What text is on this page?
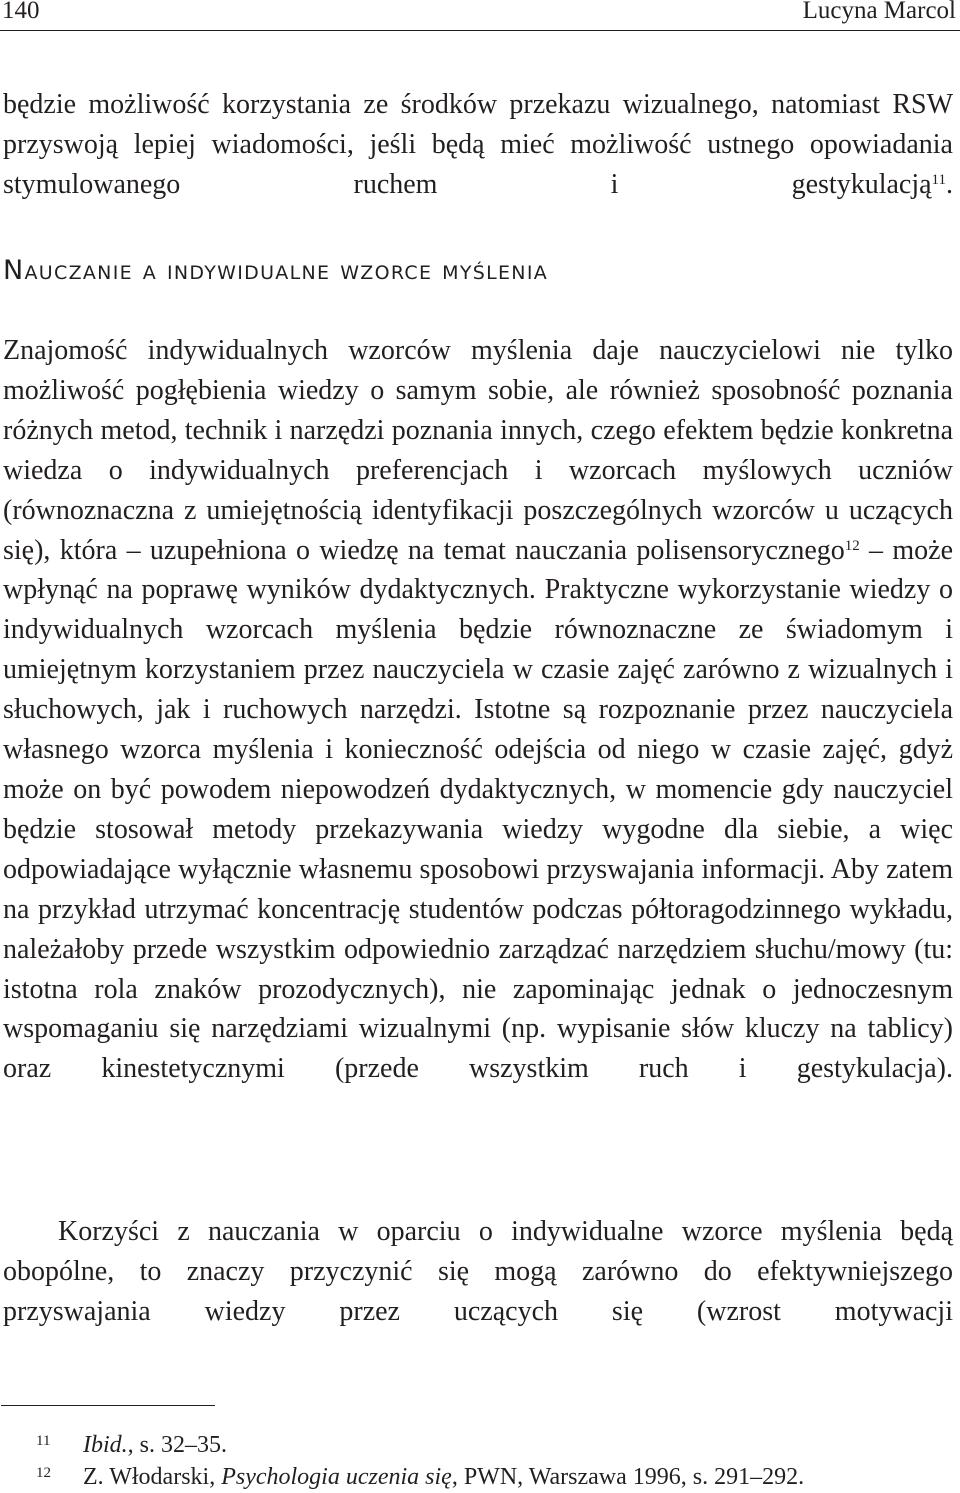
140	Lucyna Marcol

będzie możliwość korzystania ze środków przekazu wizualnego, natomiast RSW przyswoją lepiej wiadomości, jeśli będą mieć możliwość ustnego opowiadania stymulowanego ruchem i gestykulacją$^{11}$.

Nauczanie a indywidualne wzorce myślenia

Znajomość indywidualnych wzorców myślenia daje nauczycielowi nie tylko możliwość pogłębienia wiedzy o samym sobie, ale również sposobność poznania różnych metod, technik i narzędzi poznania innych, czego efektem będzie konkretna wiedza o indywidualnych preferencjach i wzorcach myślowych uczniów (równoznaczna z umiejętnością identyfikacji poszczególnych wzorców u uczących się), która – uzupełniona o wiedzę na temat nauczania polisensorycznego$^{12}$ – może wpłynąć na poprawę wyników dydaktycznych. Praktyczne wykorzystanie wiedzy o indywidualnych wzorcach myślenia będzie równoznaczne ze świadomym i umiejętnym korzystaniem przez nauczyciela w czasie zajęć zarówno z wizualnych i słuchowych, jak i ruchowych narzędzi. Istotne są rozpoznanie przez nauczyciela własnego wzorca myślenia i konieczność odejścia od niego w czasie zajęć, gdyż może on być powodem niepowodzeń dydaktycznych, w momencie gdy nauczyciel będzie stosował metody przekazywania wiedzy wygodne dla siebie, a więc odpowiadające wyłącznie własnemu sposobowi przyswajania informacji. Aby zatem na przykład utrzymać koncentrację studentów podczas półtoragodzinnego wykładu, należałoby przede wszystkim odpowiednio zarządzać narzędziem słuchu/mowy (tu: istotna rola znaków prozodycznych), nie zapominając jednak o jednoczesnym wspomaganiu się narzędziami wizualnymi (np. wypisanie słów kluczy na tablicy) oraz kinestetycznymi (przede wszystkim ruch i gestykulacja).

Korzyści z nauczania w oparciu o indywidualne wzorce myślenia będą obopólne, to znaczy przyczynić się mogą zarówno do efektywniejszego przyswajania wiedzy przez uczących się (wzrost motywacji

11 Ibid., s. 32–35.
12 Z. Włodarski, Psychologia uczenia się, PWN, Warszawa 1996, s. 291–292.
